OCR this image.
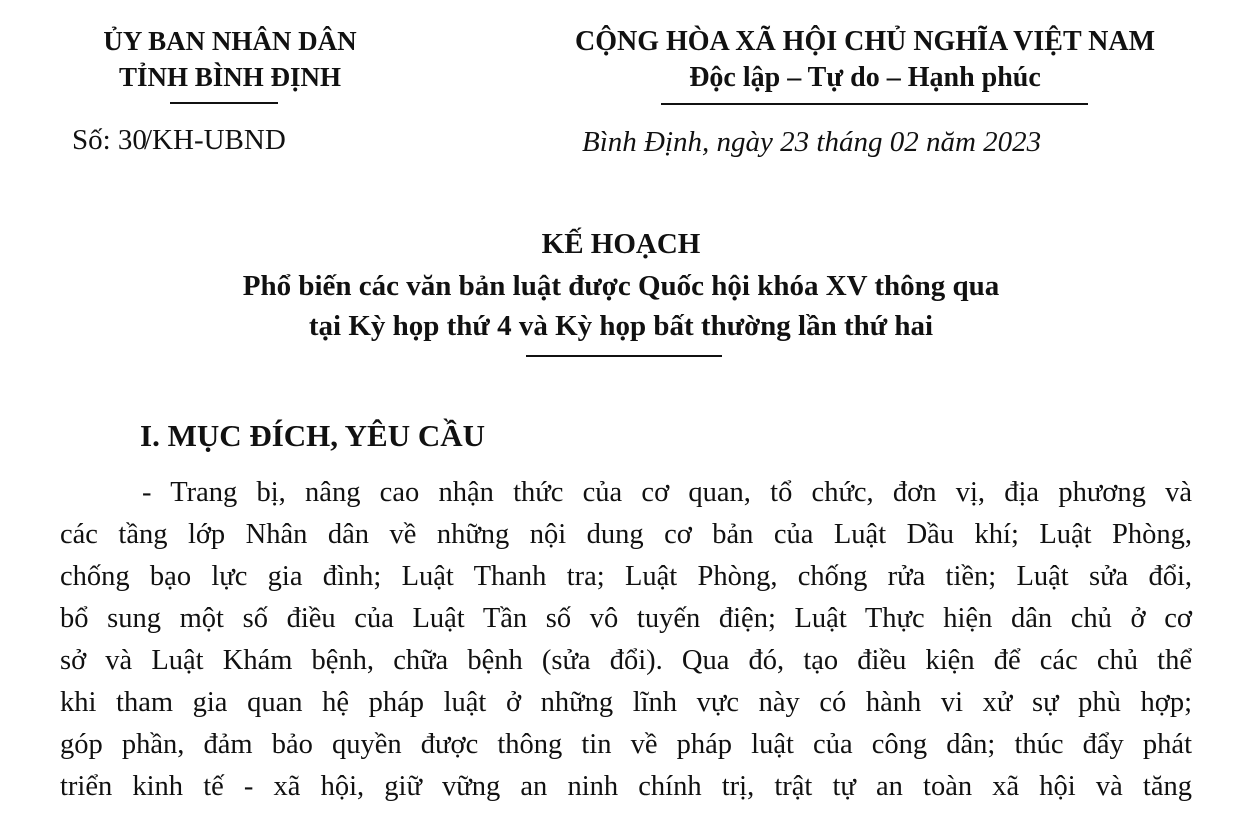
ỦY BAN NHÂN DÂN
TỈNH BÌNH ĐỊNH
CỘNG HÒA XÃ HỘI CHỦ NGHĨA VIỆT NAM
Độc lập – Tự do – Hạnh phúc
Số: 30/KH-UBND	Bình Định, ngày 23 tháng 02 năm 2023
KẾ HOẠCH
Phổ biến các văn bản luật được Quốc hội khóa XV thông qua
tại Kỳ họp thứ 4 và Kỳ họp bất thường lần thứ hai
I. MỤC ĐÍCH, YÊU CẦU
- Trang bị, nâng cao nhận thức của cơ quan, tổ chức, đơn vị, địa phương và
các tầng lớp Nhân dân về những nội dung cơ bản của Luật Dầu khí; Luật Phòng,
chống bạo lực gia đình; Luật Thanh tra; Luật Phòng, chống rửa tiền; Luật sửa đổi,
bổ sung một số điều của Luật Tần số vô tuyến điện; Luật Thực hiện dân chủ ở cơ
sở và Luật Khám bệnh, chữa bệnh (sửa đổi). Qua đó, tạo điều kiện để các chủ thể
khi tham gia quan hệ pháp luật ở những lĩnh vực này có hành vi xử sự phù hợp;
góp phần, đảm bảo quyền được thông tin về pháp luật của công dân; thúc đẩy phát
triển kinh tế - xã hội, giữ vững an ninh chính trị, trật tự an toàn xã hội và tăng
